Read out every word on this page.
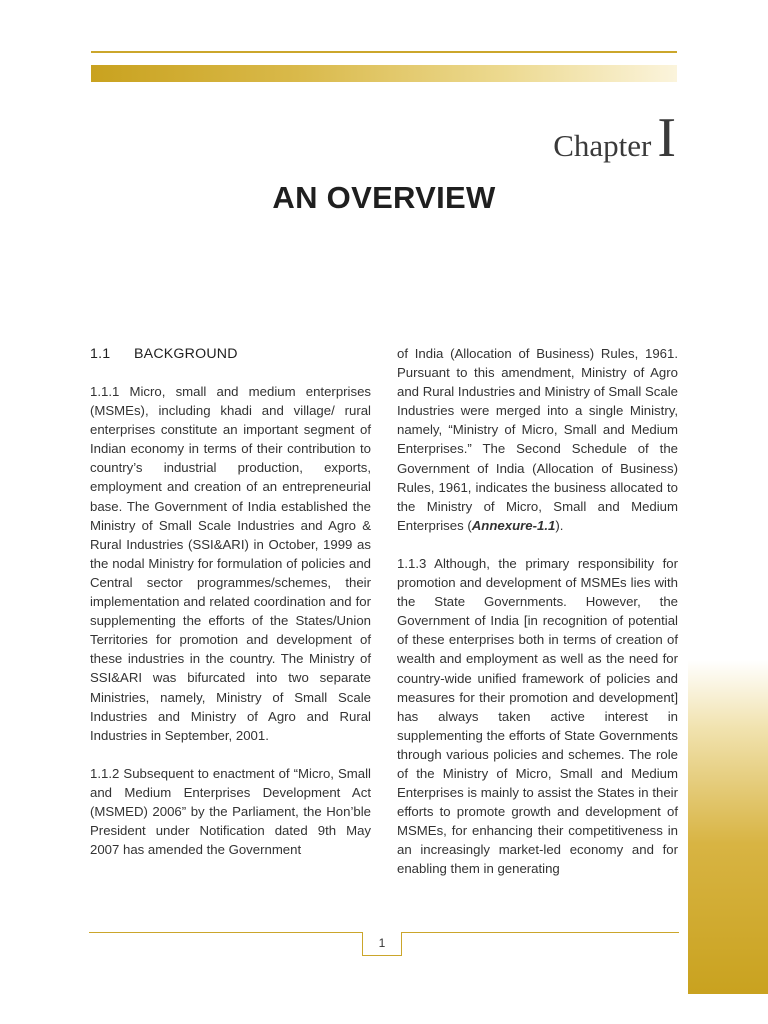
Chapter I
AN OVERVIEW
1.1 BACKGROUND

1.1.1 Micro, small and medium enterprises (MSMEs), including khadi and village/ rural enterprises constitute an important segment of Indian economy in terms of their contribution to country’s industrial production, exports, employment and creation of an entrepreneurial base. The Government of India established the Ministry of Small Scale Industries and Agro & Rural Industries (SSI&ARI) in October, 1999 as the nodal Ministry for formulation of policies and Central sector programmes/schemes, their implementation and related coordination and for supplementing the efforts of the States/Union Territories for promotion and development of these industries in the country. The Ministry of SSI&ARI was bifurcated into two separate Ministries, namely, Ministry of Small Scale Industries and Ministry of Agro and Rural Industries in September, 2001.

1.1.2 Subsequent to enactment of “Micro, Small and Medium Enterprises Development Act (MSMED) 2006” by the Parliament, the Hon’ble President under Notification dated 9th May 2007 has amended the Government

of India (Allocation of Business) Rules, 1961. Pursuant to this amendment, Ministry of Agro and Rural Industries and Ministry of Small Scale Industries were merged into a single Ministry, namely, “Ministry of Micro, Small and Medium Enterprises.” The Second Schedule of the Government of India (Allocation of Business) Rules, 1961, indicates the business allocated to the Ministry of Micro, Small and Medium Enterprises (Annexure-1.1).

1.1.3 Although, the primary responsibility for promotion and development of MSMEs lies with the State Governments. However, the Government of India [in recognition of potential of these enterprises both in terms of creation of wealth and employment as well as the need for country-wide unified framework of policies and measures for their promotion and development] has always taken active interest in supplementing the efforts of State Governments through various policies and schemes. The role of the Ministry of Micro, Small and Medium Enterprises is mainly to assist the States in their efforts to promote growth and development of MSMEs, for enhancing their competitiveness in an increasingly market-led economy and for enabling them in generating

1
